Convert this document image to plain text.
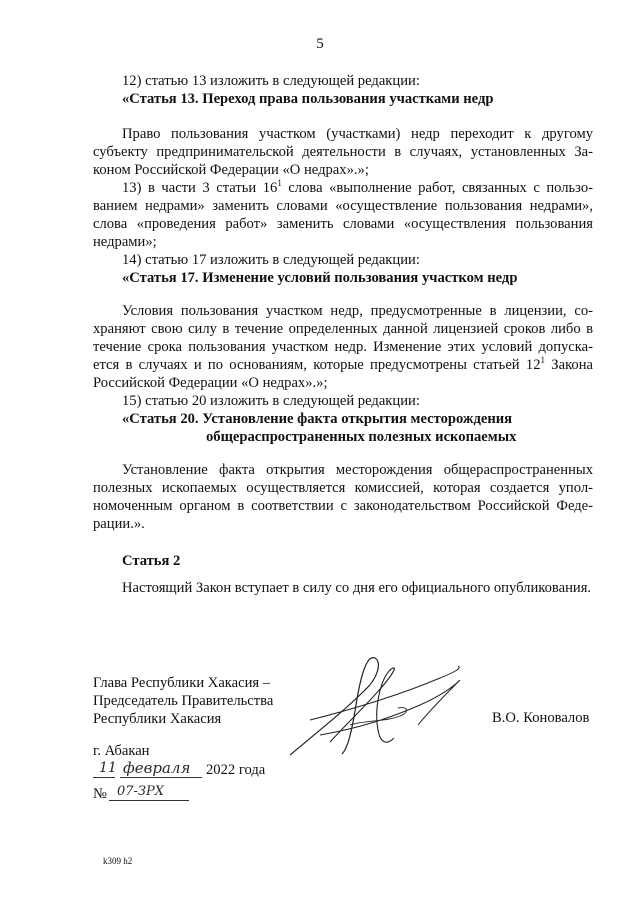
5
12) статью 13 изложить в следующей редакции:
«Статья 13. Переход права пользования участками недр
Право пользования участком (участками) недр переходит к другому
субъекту предпринимательской деятельности в случаях, установленных За-
коном Российской Федерации «О недрах».»;
13) в части 3 статьи $16^1$ слова «выполнение работ, связанных с пользо-
ванием недрами» заменить словами «осуществление пользования недрами»,
слова «проведения работ» заменить словами «осуществления пользования
недрами»;
14) статью 17 изложить в следующей редакции:
«Статья 17. Изменение условий пользования участком недр
Условия пользования участком недр, предусмотренные в лицензии, со-
храняют свою силу в течение определенных данной лицензией сроков либо в
течение срока пользования участком недр. Изменение этих условий допуска-
ется в случаях и по основаниям, которые предусмотрены статьей $12^1$ Закона
Российской Федерации «О недрах».»;
15) статью 20 изложить в следующей редакции:
«Статья 20. Установление факта открытия месторождения
общераспространенных полезных ископаемых
Установление факта открытия месторождения общераспространенных
полезных ископаемых осуществляется комиссией, которая создается упол-
номоченным органом в соответствии с законодательством Российской Феде-
рации.».
Статья 2
Настоящий Закон вступает в силу со дня его официального опубликования.
Глава Республики Хакасия –
Председатель Правительства
Республики Хакасия	В.О. Коновалов
г. Абакан
11 февраля 2022 года
№ 07-ЗРХ
k309 h2
